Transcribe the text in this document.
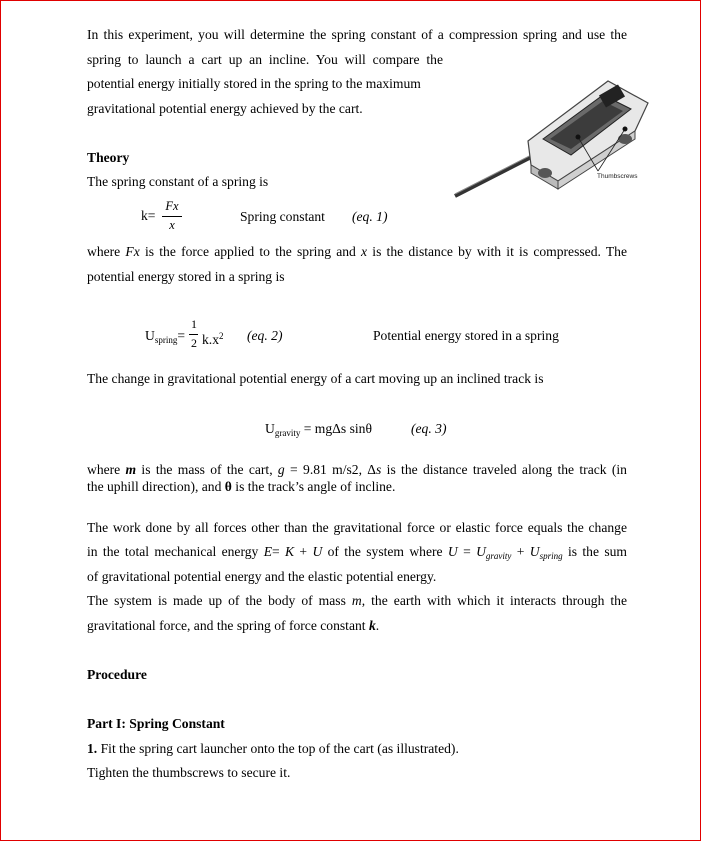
In this experiment, you will determine the spring constant of a compression spring and use the
spring to launch a cart up an incline. You will compare the
potential energy initially stored in the spring to the maximum
gravitational potential energy achieved by the cart.
Thumbscrews
Theory
The spring constant of a spring is
k=
Fx
x
Spring constant (eq. 1)
where Fx is the force applied to the spring and x is the distance by with it is compressed. The
potential energy stored in a spring is
$U_{spring}=$
1
2 $k.x^2$ (eq. 2)	Potential energy stored in a spring
The change in gravitational potential energy of a cart moving up an inclined track is
$U_{gravity} = mg\Delta s$ sinθ	(eq. 3)
where m is the mass of the cart, g = 9.81 m/s2, Δs is the distance traveled along the track (in
the uphill direction), and θ is the track’s angle of incline.
The work done by all forces other than the gravitational force or elastic force equals the change
in the total mechanical energy E= K + U of the system where $U = U_{gravity} + U_{spring}$ is the sum
of gravitational potential energy and the elastic potential energy.
The system is made up of the body of mass m, the earth with which it interacts through the
gravitational force, and the spring of force constant k.
Procedure
Part I: Spring Constant
1. Fit the spring cart launcher onto the top of the cart (as illustrated).
Tighten the thumbscrews to secure it.
